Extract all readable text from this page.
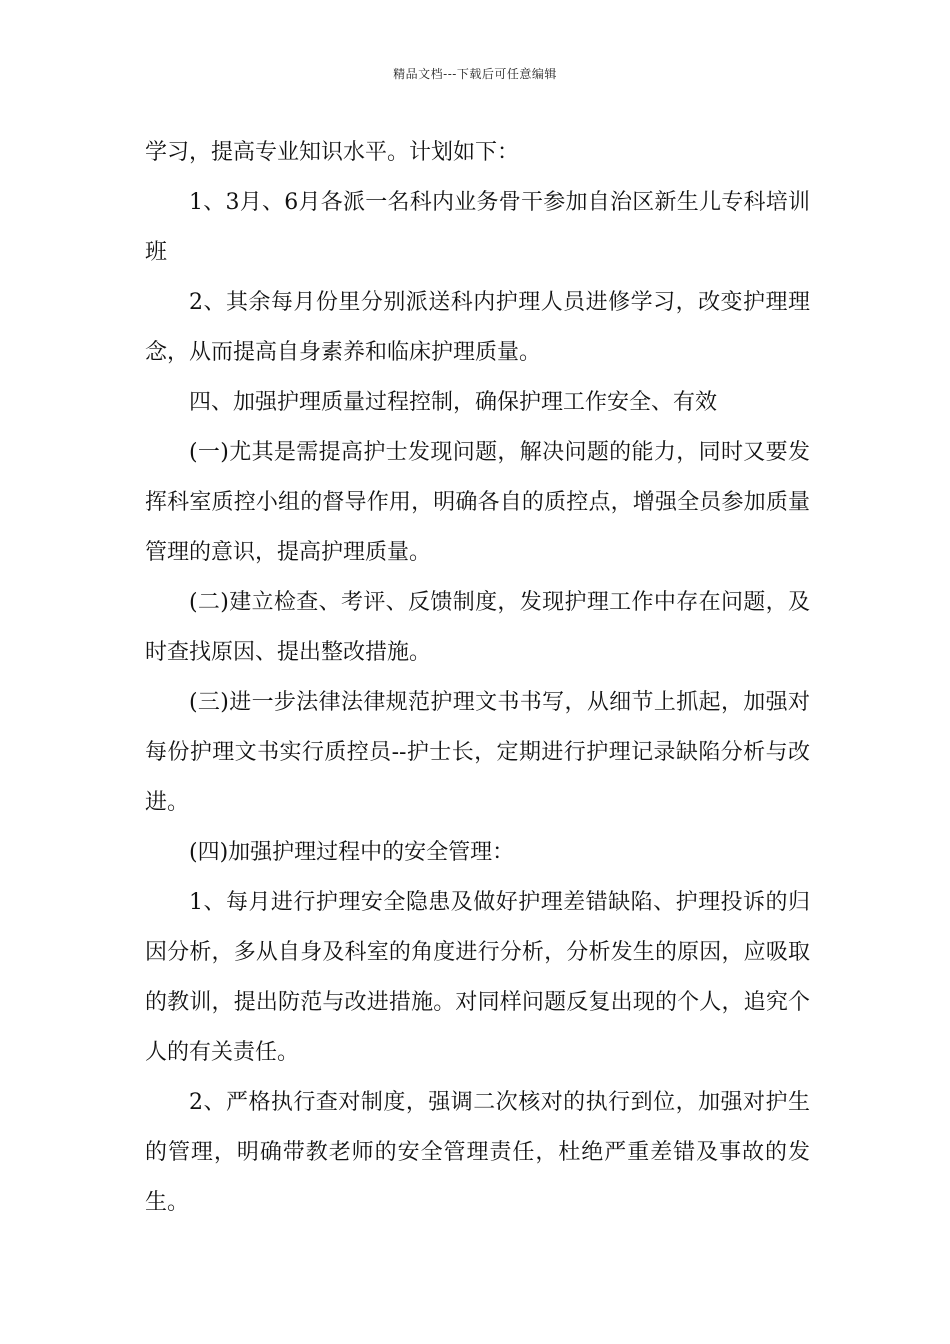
精品文档---下载后可任意编辑

学习，提高专业知识水平。计划如下：

1、3月、6月各派一名科内业务骨干参加自治区新生儿专科培训班

2、其余每月份里分别派送科内护理人员进修学习，改变护理理念，从而提高自身素养和临床护理质量。

四、加强护理质量过程控制，确保护理工作安全、有效

(一)尤其是需提高护士发现问题，解决问题的能力，同时又要发挥科室质控小组的督导作用，明确各自的质控点，增强全员参加质量管理的意识，提高护理质量。

(二)建立检查、考评、反馈制度，发现护理工作中存在问题，及时查找原因、提出整改措施。

(三)进一步法律法律规范护理文书书写，从细节上抓起，加强对每份护理文书实行质控员--护士长，定期进行护理记录缺陷分析与改进。

(四)加强护理过程中的安全管理：

1、每月进行护理安全隐患及做好护理差错缺陷、护理投诉的归因分析，多从自身及科室的角度进行分析，分析发生的原因，应吸取的教训，提出防范与改进措施。对同样问题反复出现的个人，追究个人的有关责任。

2、严格执行查对制度，强调二次核对的执行到位，加强对护生的管理，明确带教老师的安全管理责任，杜绝严重差错及事故的发生。
